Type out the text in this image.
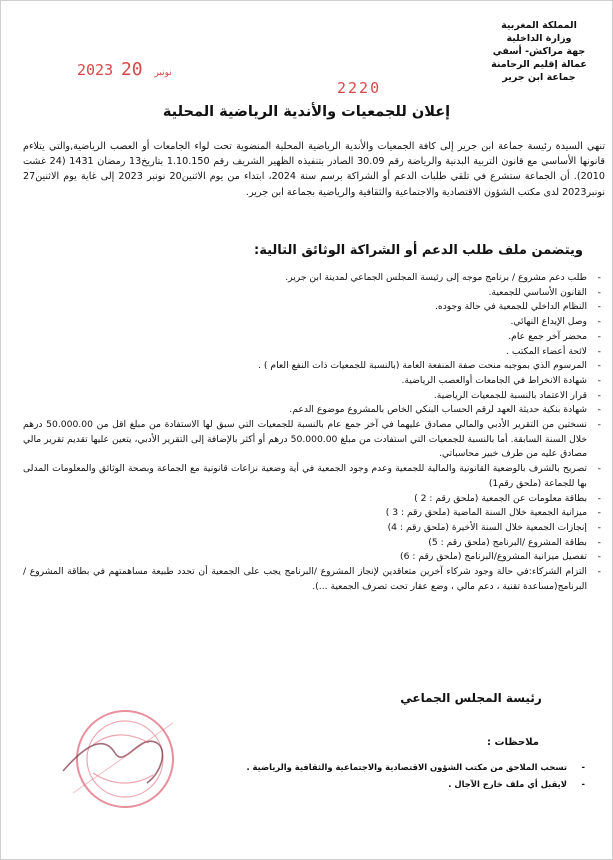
المملكة المغربية
وزارة الداخلية
جهة مراكش- أسفي
عمالة إقليم الرحامنة
جماعة ابن جرير
2023	نونبر 20
2220
إعلان للجمعيات والأندية الرياضية المحلية
تنهي السيدة رئيسة جماعة ابن جرير إلى كافة الجمعيات والأندية الرياضية المحلية المنضوية تحت لواء الجامعات أو العصب الرياضية,والتي يتلاءم قانونها الأساسي مع قانون التربية البدنية والرياضة رقم 30.09 الصادر بتنفيذه الظهير الشريف رقم 1.10.150 بتاريخ13 رمضان 1431 (24 غشت 2010). أن الجماعة ستشرع في تلقي طلبات الدعم أو الشراكة برسم سنة 2024، ابتداء من يوم الاثنين20 نونبر 2023 إلى غاية يوم الاثنين27 نونبر2023 لدى مكتب الشؤون الاقتصادية والاجتماعية والثقافية والرياضية بجماعة ابن جرير.
ويتضمن ملف طلب الدعم أو الشراكة الوثائق التالية:
- طلب دعم مشروع / برنامج موجه إلى رئيسة المجلس الجماعي لمدينة ابن جرير.
- القانون الأساسي للجمعية.
- النظام الداخلي للجمعية في حالة وجوده.
- وصل الإيداع النهائي.
- محضر آخر جمع عام.
- لائحة أعضاء المكتب .
- المرسوم الذي بموجبه منحت صفة المنفعة العامة (بالنسبة للجمعيات ذات النفع العام ) .
- شهادة الانخراط في الجامعات أوالعصب الرياضية.
- قرار الاعتماد بالنسبة للجمعيات الرياضية.
- شهادة بنكية حديثة العهد لرقم الحساب البنكي الخاص بالمشروع موضوع الدعم.
- نسختين من التقرير الأدبي والمالي مصادق عليهما في آخر جمع عام بالنسبة للجمعيات التي سبق لها الاستفادة من مبلغ اقل من 50.000.00 درهم خلال السنة السابقة. أما بالنسبة للجمعيات التي استفادت من مبلغ 50.000.00 درهم أو أكثر بالإضافة إلى التقرير الأدبي، يتعين عليها تقديم تقرير مالي مصادق عليه من طرف خبير محاسباتي.
- تصريح بالشرف بالوضعية القانونية والمالية للجمعية وعدم وجود الجمعية في أية وضعية نزاعات قانونية مع الجماعة وبصحة الوثائق والمعلومات المدلى بها للجماعة (ملحق رقم1)
- بطاقة معلومات عن الجمعية (ملحق رقم : 2 )
- ميزانية الجمعية خلال السنة الماضية (ملحق رقم : 3 )
- إنجازات الجمعية خلال السنة الأخيرة (ملحق رقم : 4)
- بطاقة المشروع /البرنامج (ملحق رقم : 5)
- تفصيل ميزانية المشروع/البرنامج (ملحق رقم : 6)
- التزام الشركاء:في حالة وجود شركاء آخرين متعاقدين لإنجاز المشروع /البرنامج يجب على الجمعية أن تحدد طبيعة مساهمتهم في بطاقة المشروع / البرنامج(مساعدة تقنية ، دعم مالي ، وضع عقار تحت تصرف الجمعية ...).
رئيسة المجلس الجماعي
ملاحظات :
- تسحب الملاحق من مكتب الشؤون الاقتصادية والاجتماعية والثقافية والرياضية .
- لايقبل أي ملف خارج الآجال .
